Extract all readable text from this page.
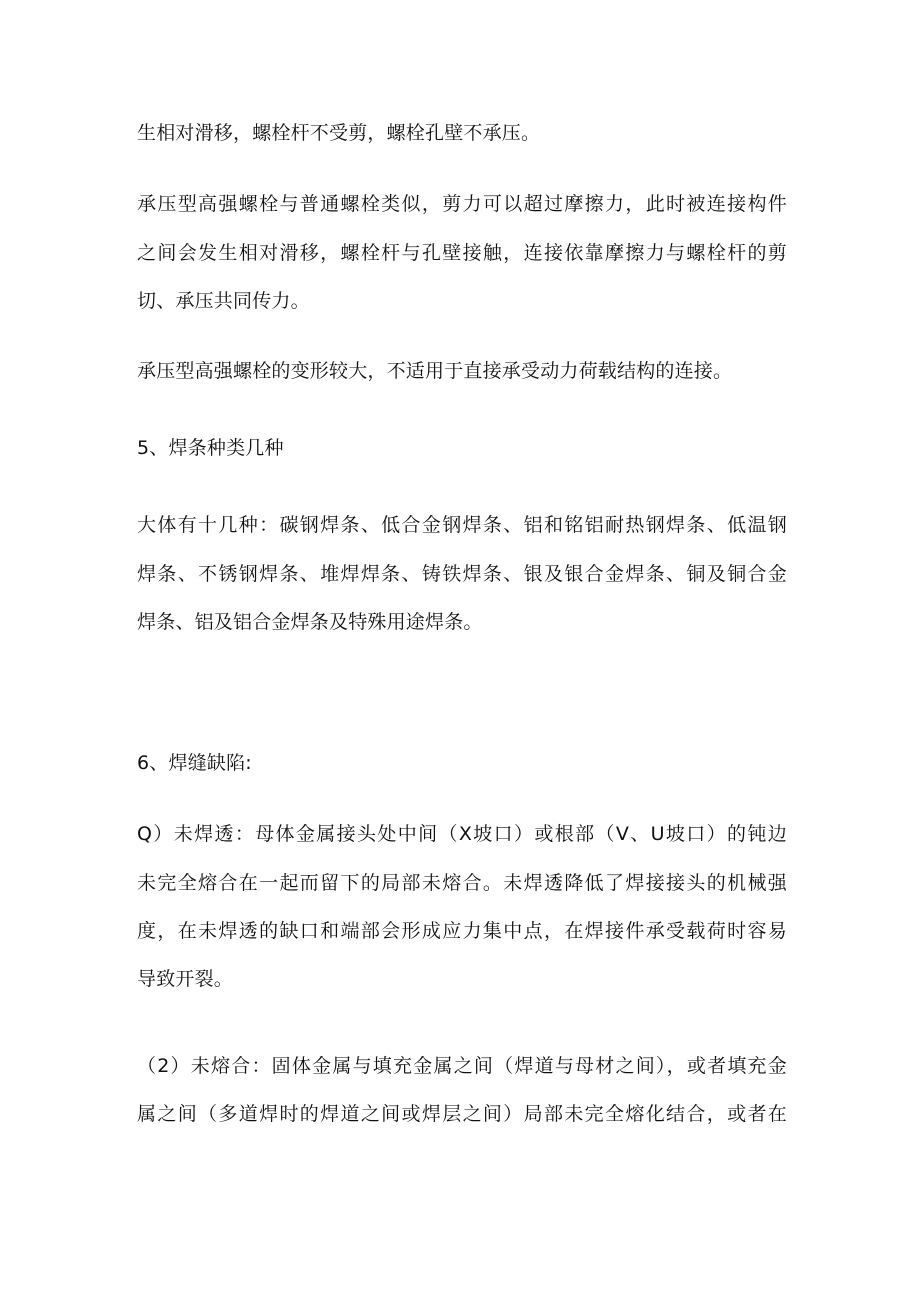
生相对滑移，螺栓杆不受剪，螺栓孔壁不承压。
承压型高强螺栓与普通螺栓类似，剪力可以超过摩擦力，此时被连接构件
之间会发生相对滑移，螺栓杆与孔壁接触，连接依靠摩擦力与螺栓杆的剪
切、承压共同传力。
承压型高强螺栓的变形较大，不适用于直接承受动力荷载结构的连接。
5、焊条种类几种
大体有十几种：碳钢焊条、低合金钢焊条、铝和铭铝耐热钢焊条、低温钢
焊条、不锈钢焊条、堆焊焊条、铸铁焊条、银及银合金焊条、铜及铜合金
焊条、铝及铝合金焊条及特殊用途焊条。
6、焊缝缺陷:
Q）未焊透：母体金属接头处中间（X坡口）或根部（V、U坡口）的钝边
未完全熔合在一起而留下的局部未熔合。未焊透降低了焊接接头的机械强
度，在未焊透的缺口和端部会形成应力集中点，在焊接件承受载荷时容易
导致开裂。
（2）未熔合：固体金属与填充金属之间（焊道与母材之间），或者填充金
属之间（多道焊时的焊道之间或焊层之间）局部未完全熔化结合，或者在
